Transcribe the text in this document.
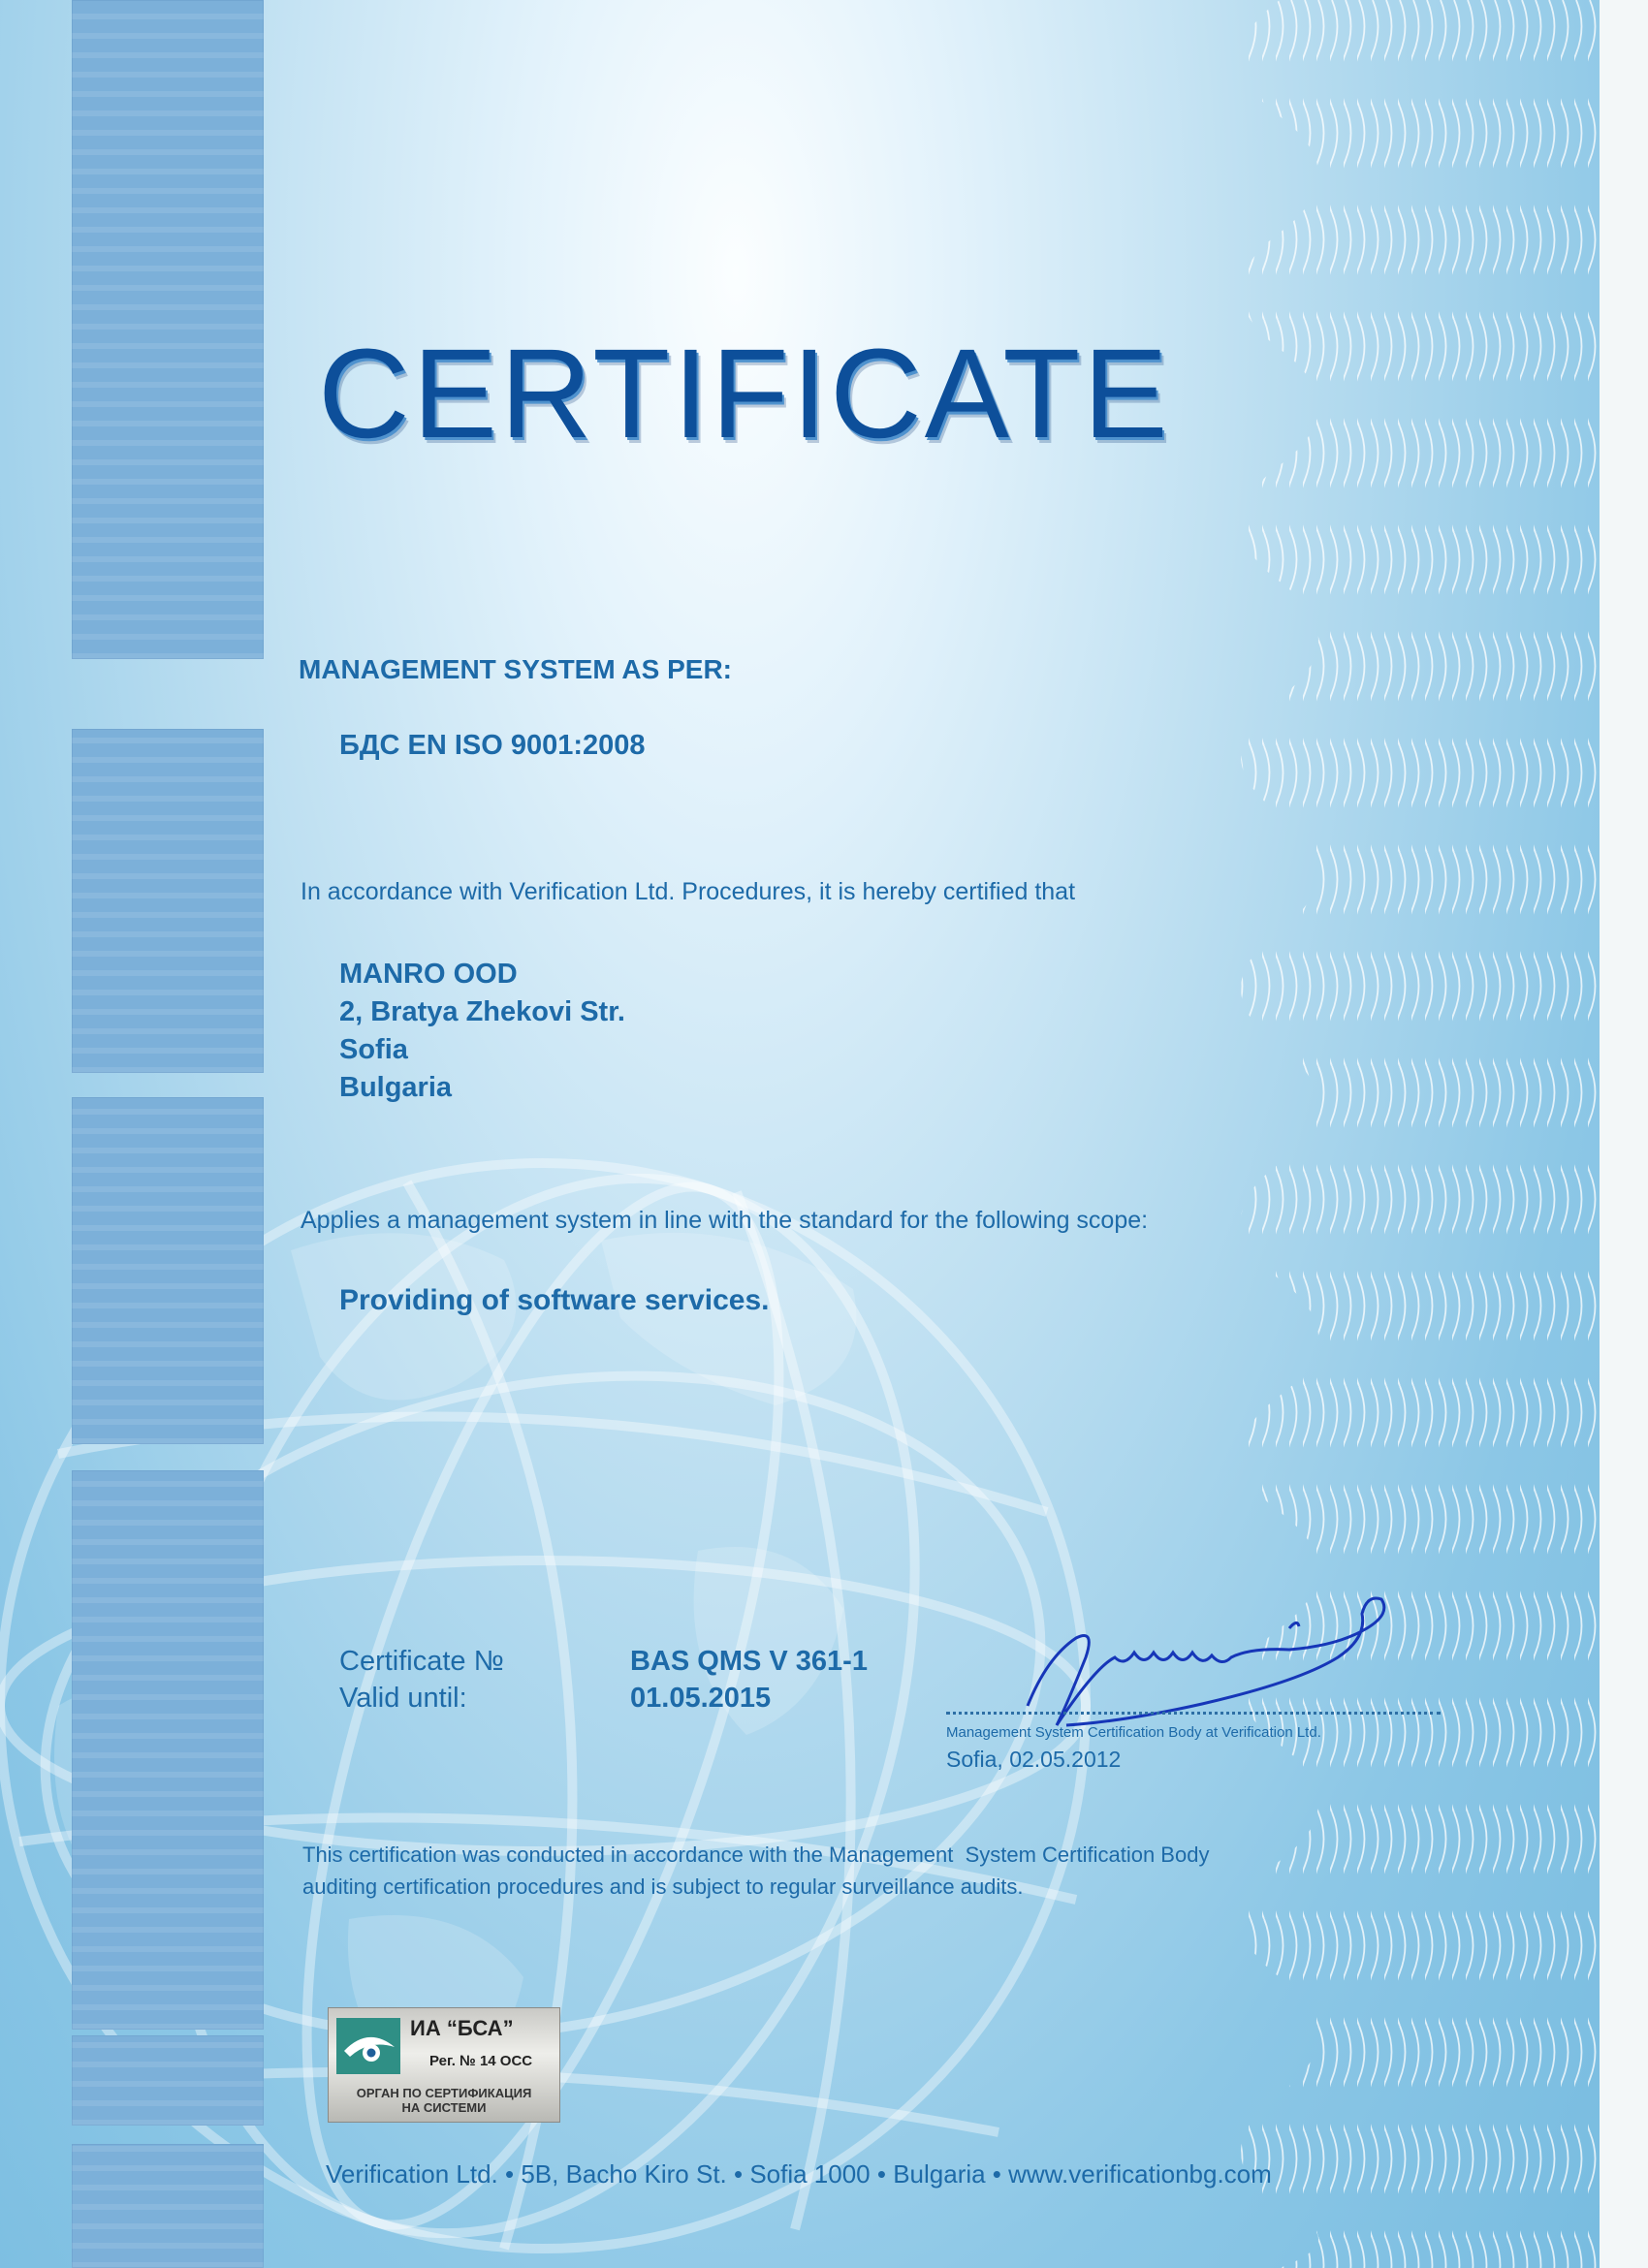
CERTIFICATE
MANAGEMENT SYSTEM AS PER:
БДС EN ISO 9001:2008
In accordance with Verification Ltd. Procedures, it is hereby certified that
MANRO OOD
2, Bratya Zhekovi Str.
Sofia
Bulgaria
Applies a management system in line with the standard for the following scope:
Providing of software services.
Certificate №
Valid until:
BAS QMS V 361-1
01.05.2015
Management System Certification Body at Verification Ltd.
Sofia, 02.05.2012
This certification was conducted in accordance with the Management  System Certification Body
auditing certification procedures and is subject to regular surveillance audits.
ИА “БСА”
Рег. № 14 ОСС
ОРГАН ПО СЕРТИФИКАЦИЯ
НА СИСТЕМИ
Verification Ltd. • 5B, Bacho Kiro St. • Sofia 1000 • Bulgaria • www.verificationbg.com
